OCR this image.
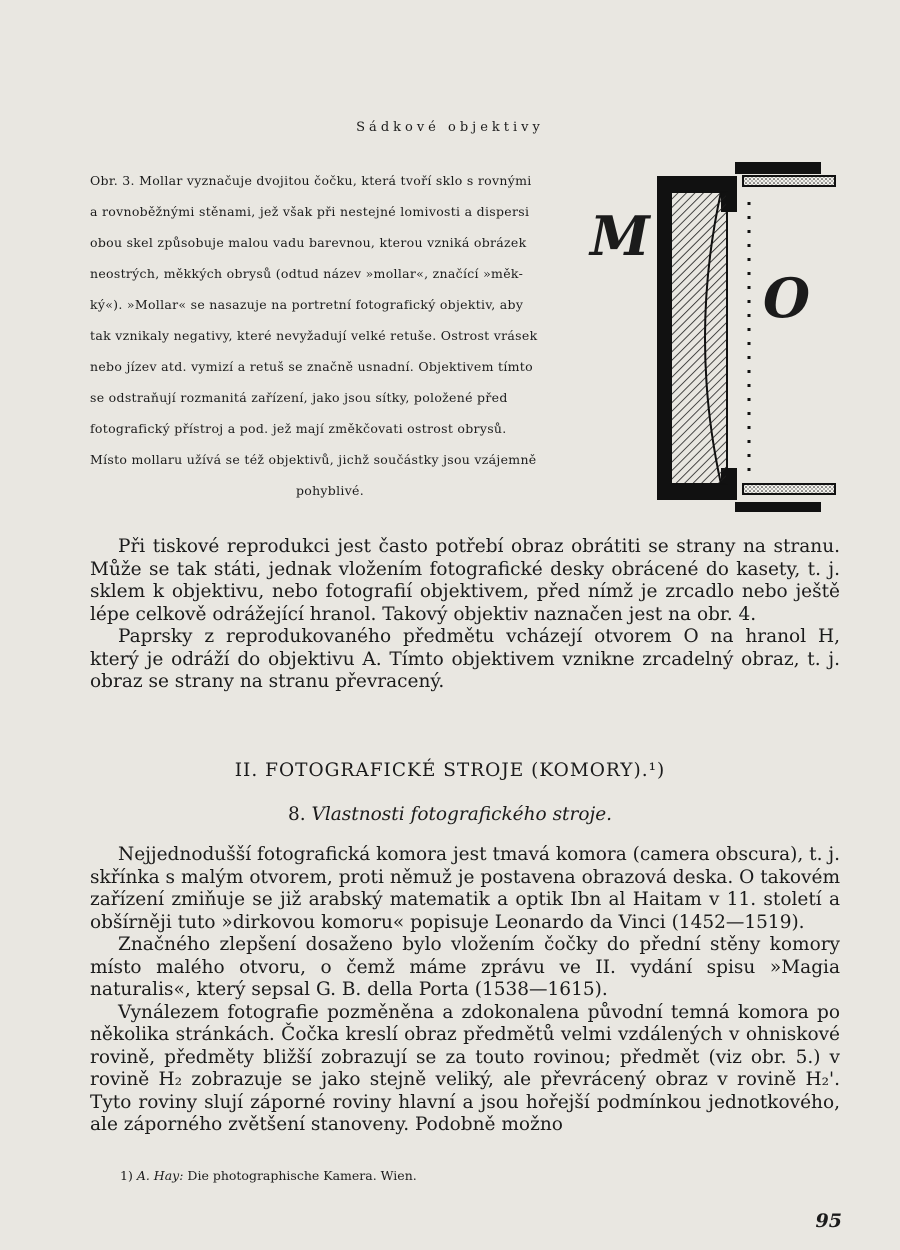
Sádkové objektivy

Obr. 3. Mollar vyznačuje dvojitou čočku, která tvoří sklo s rovnými
a rovnoběžnými stěnami, jež však při nestejné lomivosti a dispersi
obou skel způsobuje malou vadu barevnou, kterou vzniká obrázek
neostrých, měkkých obrysů (odtud název »mollar«, značící »měk-
ký«). »Mollar« se nasazuje na portretní fotografický objektiv, aby
tak vznikaly negativy, které nevyžadují velké retuše. Ostrost vrásek
nebo jízev atd. vymizí a retuš se značně usnadní. Objektivem tímto
se odstraňují rozmanitá zařízení, jako jsou sítky, položené před
fotografický přístroj a pod. jež mají změkčovati ostrost obrysů.
Místo mollaru užívá se též objektivů, jichž součástky jsou vzájemně

pohyblivé.
M
O

Při tiskové reprodukci jest často potřebí obraz obrátiti se strany na stranu. Může se tak státi, jednak vložením fotografické desky obrácené do kasety, t. j. sklem k objektivu, nebo fotografií objektivem, před nímž je zrcadlo nebo ještě lépe celkově odrážející hranol. Takový objektiv naznačen jest na obr. 4.

Paprsky z reprodukovaného předmětu vcházejí otvorem O na hranol H, který je odráží do objektivu A. Tímto objektivem vznikne zrcadelný obraz, t. j. obraz se strany na stranu převracený.

II. FOTOGRAFICKÉ STROJE (KOMORY).¹)
8. Vlastnosti fotografického stroje.

Nejjednodušší fotografická komora jest tmavá komora (camera obscura), t. j. skřínka s malým otvorem, proti němuž je postavena obrazová deska. O takovém zařízení zmiňuje se již arabský matematik a optik Ibn al Haitam v 11. století a obšírněji tuto »dirkovou komoru« popisuje Leonardo da Vinci (1452—1519).

Značného zlepšení dosaženo bylo vložením čočky do přední stěny komory místo malého otvoru, o čemž máme zprávu ve II. vydání spisu »Magia naturalis«, který sepsal G. B. della Porta (1538—1615).

Vynálezem fotografie pozměněna a zdokonalena původní temná komora po několika stránkách. Čočka kreslí obraz předmětů velmi vzdálených v ohniskové rovině, předměty bližší zobrazují se za touto rovinou; předmět (viz obr. 5.) v rovině H₂ zobrazuje se jako stejně veliký, ale převrácený obraz v rovině H₂'. Tyto roviny slují záporné roviny hlavní a jsou hořejší podmínkou jednotkového, ale záporného zvětšení stanoveny. Podobně možno

1) A. Hay: Die photographische Kamera. Wien.
95
